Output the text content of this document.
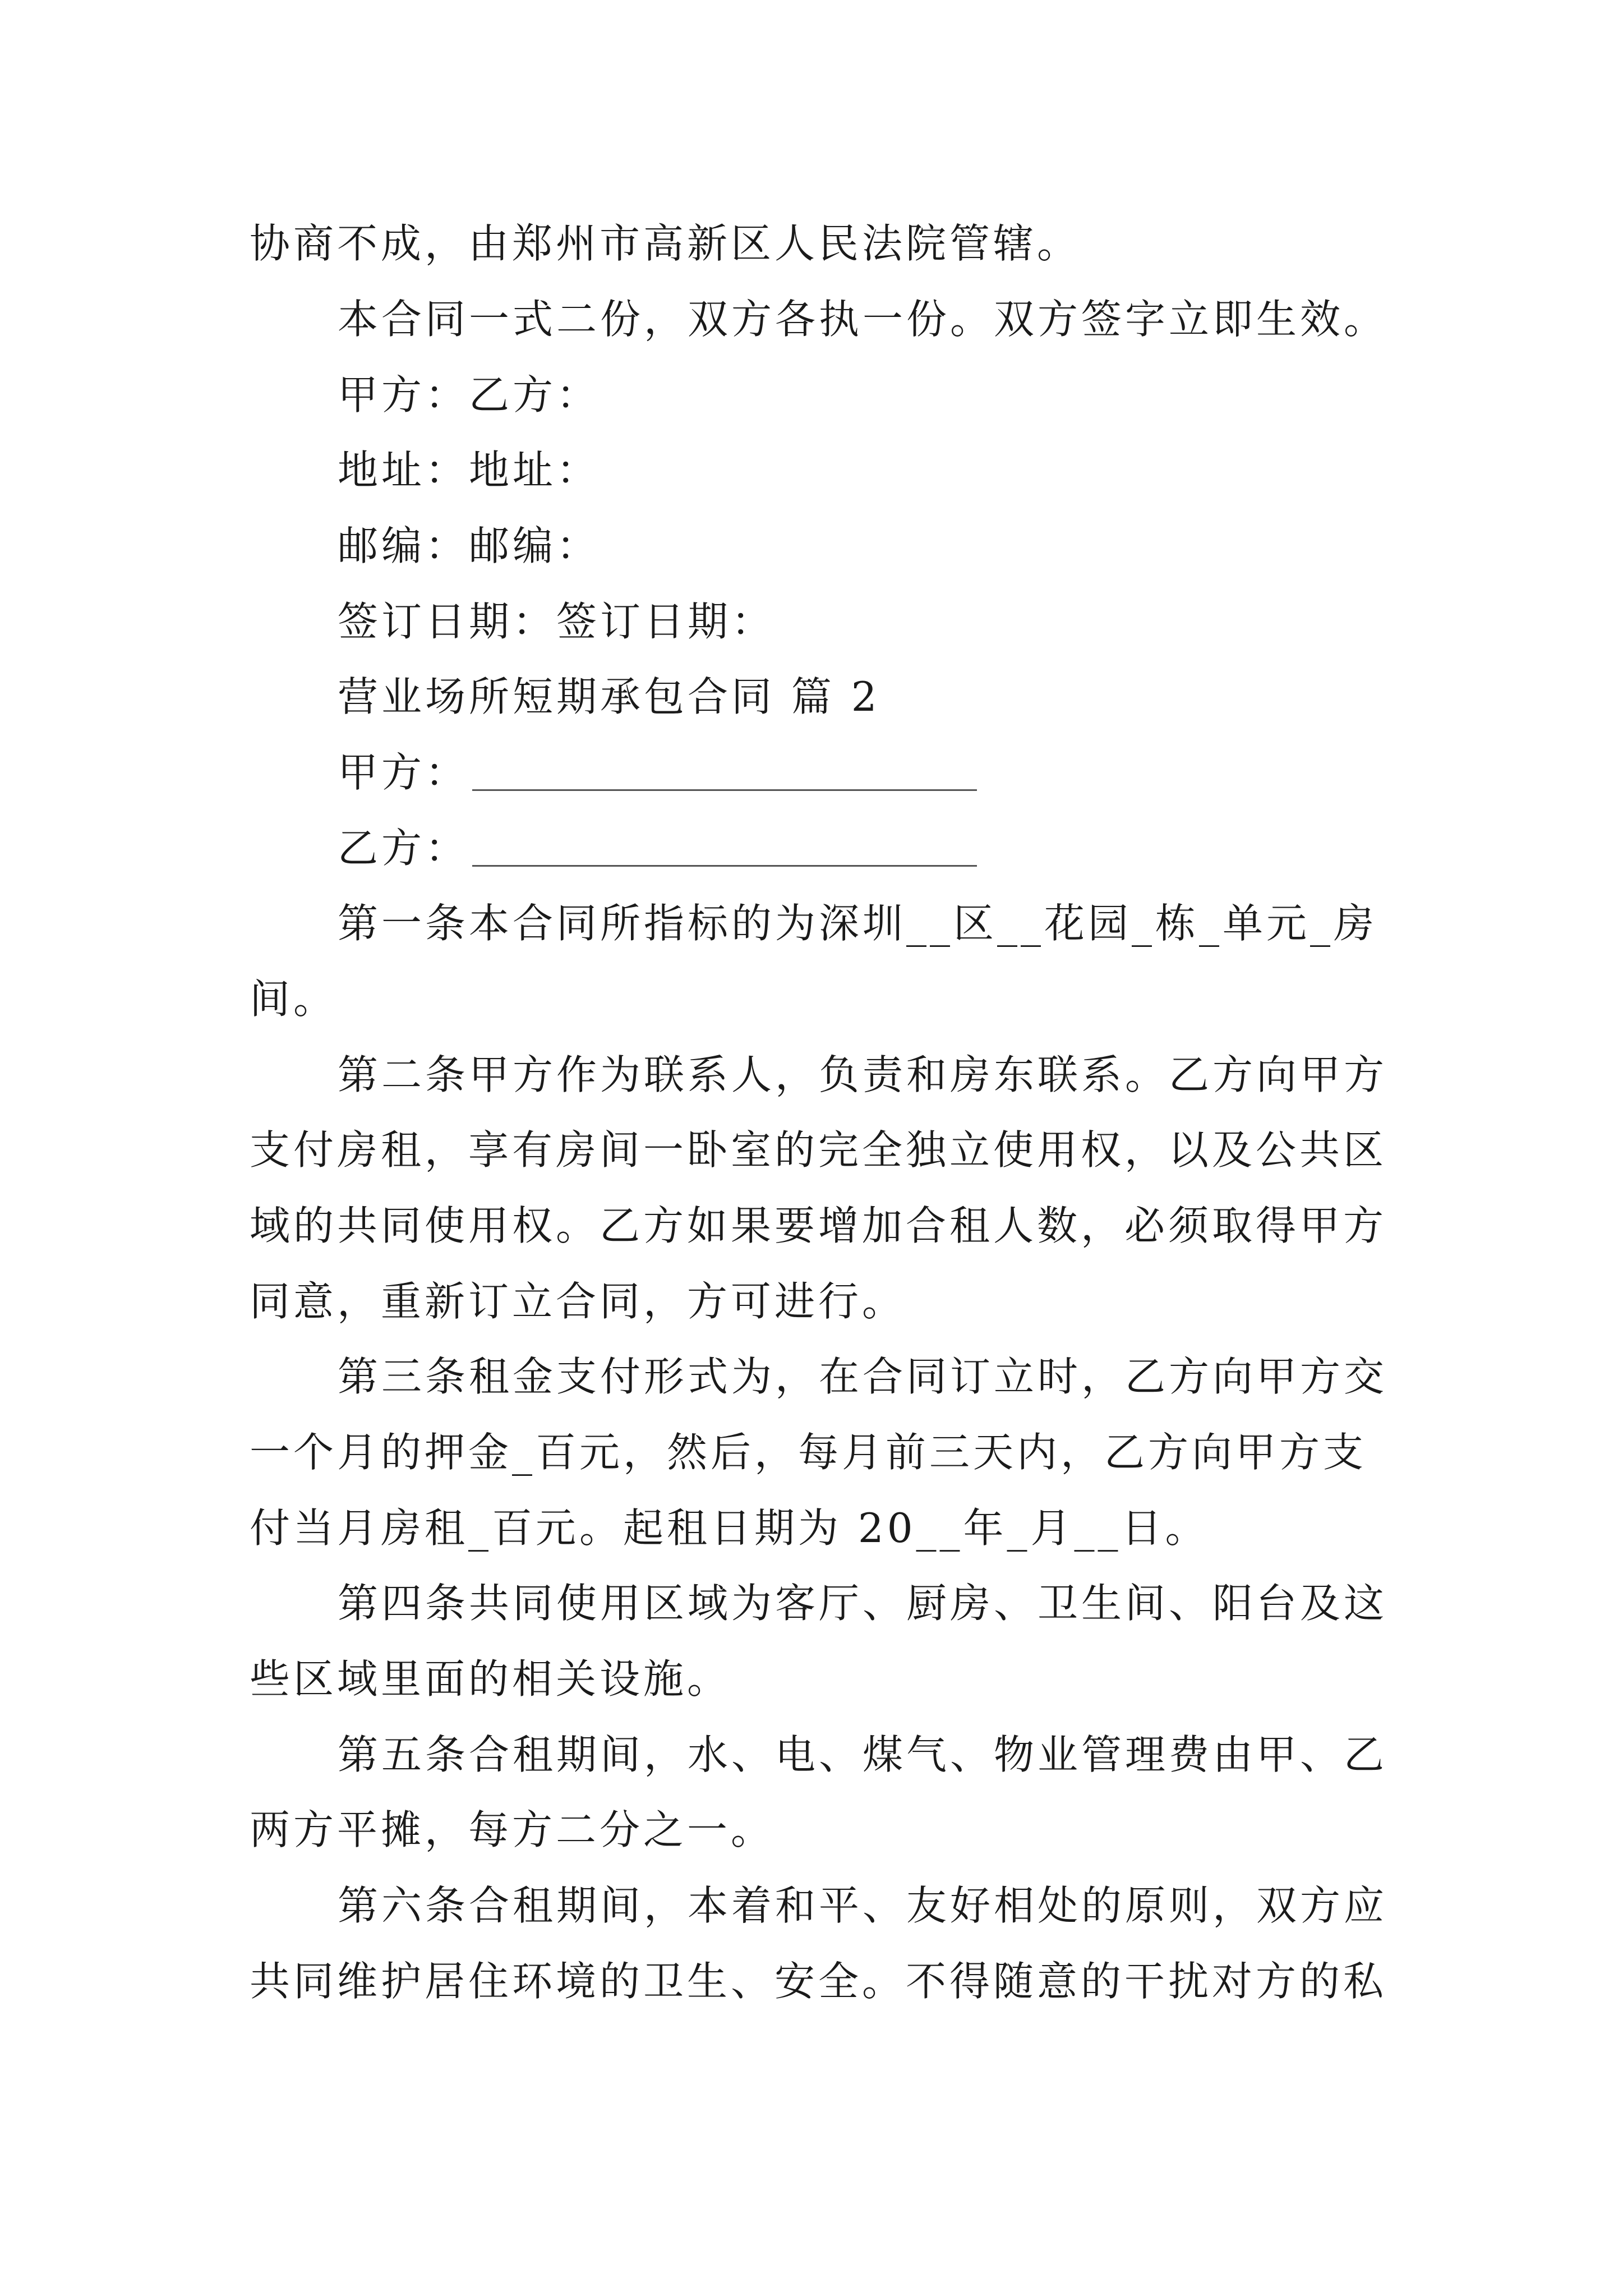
协商不成，由郑州市高新区人民法院管辖。
本合同一式二份，双方各执一份。双方签字立即生效。
甲方：乙方：
地址：地址：
邮编：邮编：
签订日期：签订日期：
营业场所短期承包合同 篇 2
甲方：
乙方：
第一条本合同所指标的为深圳__区__花园_栋_单元_房
间。
第二条甲方作为联系人，负责和房东联系。乙方向甲方
支付房租，享有房间一卧室的完全独立使用权，以及公共区
域的共同使用权。乙方如果要增加合租人数，必须取得甲方
同意，重新订立合同，方可进行。
第三条租金支付形式为，在合同订立时，乙方向甲方交
一个月的押金_百元，然后，每月前三天内，乙方向甲方支
付当月房租_百元。起租日期为 20__年_月__日。
第四条共同使用区域为客厅、厨房、卫生间、阳台及这
些区域里面的相关设施。
第五条合租期间，水、电、煤气、物业管理费由甲、乙
两方平摊，每方二分之一。
第六条合租期间，本着和平、友好相处的原则，双方应
共同维护居住环境的卫生、安全。不得随意的干扰对方的私
